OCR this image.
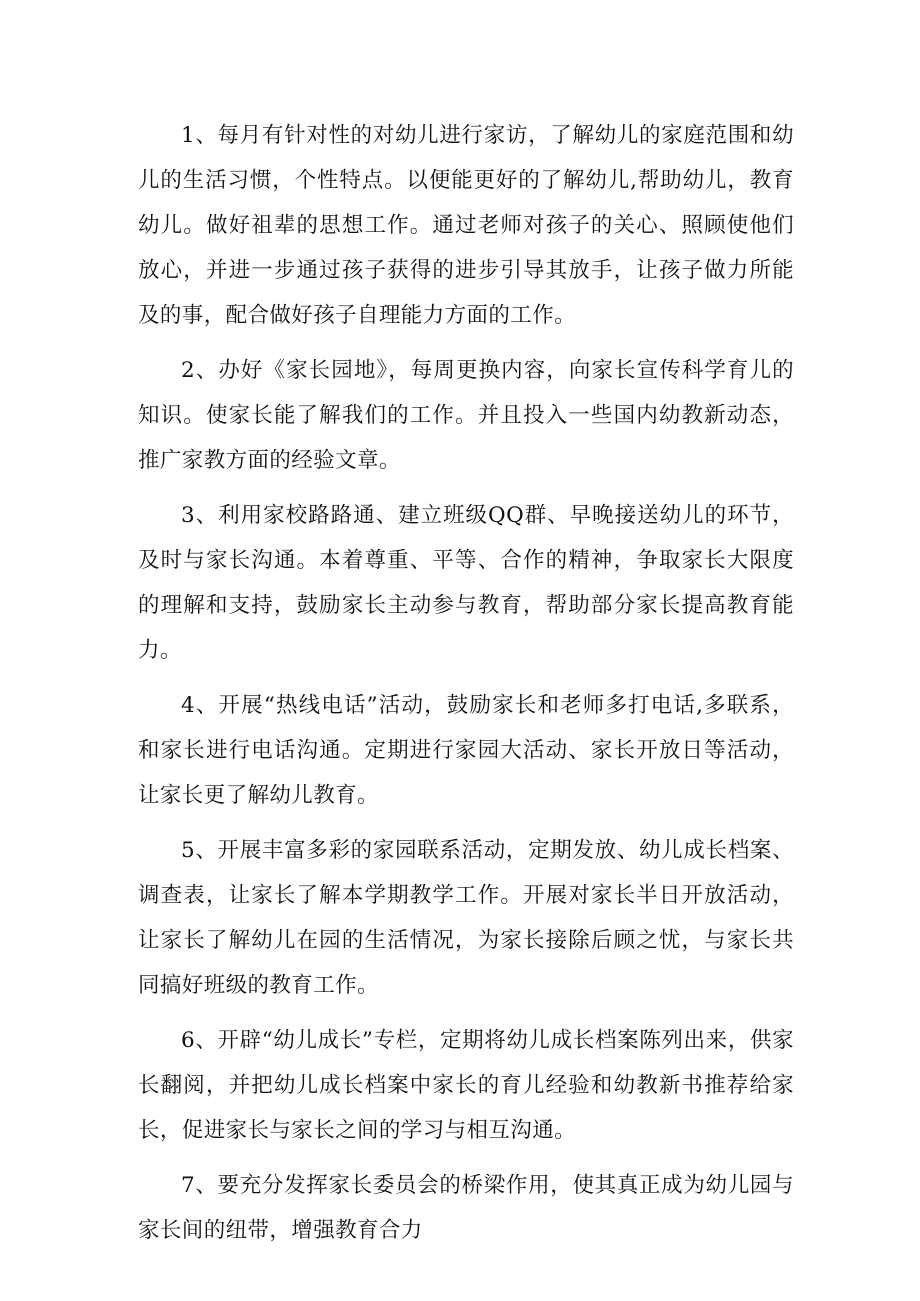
1、每月有针对性的对幼儿进行家访，了解幼儿的家庭范围和幼儿的生活习惯，个性特点。以便能更好的了解幼儿,帮助幼儿，教育幼儿。做好祖辈的思想工作。通过老师对孩子的关心、照顾使他们放心，并进一步通过孩子获得的进步引导其放手，让孩子做力所能及的事，配合做好孩子自理能力方面的工作。

2、办好《家长园地》，每周更换内容，向家长宣传科学育儿的知识。使家长能了解我们的工作。并且投入一些国内幼教新动态，推广家教方面的经验文章。

3、利用家校路路通、建立班级QQ群、早晚接送幼儿的环节，及时与家长沟通。本着尊重、平等、合作的精神，争取家长大限度的理解和支持，鼓励家长主动参与教育，帮助部分家长提高教育能力。

4、开展“热线电话”活动，鼓励家长和老师多打电话,多联系，和家长进行电话沟通。定期进行家园大活动、家长开放日等活动，让家长更了解幼儿教育。

5、开展丰富多彩的家园联系活动，定期发放、幼儿成长档案、调查表，让家长了解本学期教学工作。开展对家长半日开放活动，让家长了解幼儿在园的生活情况，为家长接除后顾之忧，与家长共同搞好班级的教育工作。

6、开辟“幼儿成长”专栏，定期将幼儿成长档案陈列出来，供家长翻阅，并把幼儿成长档案中家长的育儿经验和幼教新书推荐给家长，促进家长与家长之间的学习与相互沟通。

7、要充分发挥家长委员会的桥梁作用，使其真正成为幼儿园与家长间的纽带，增强教育合力
